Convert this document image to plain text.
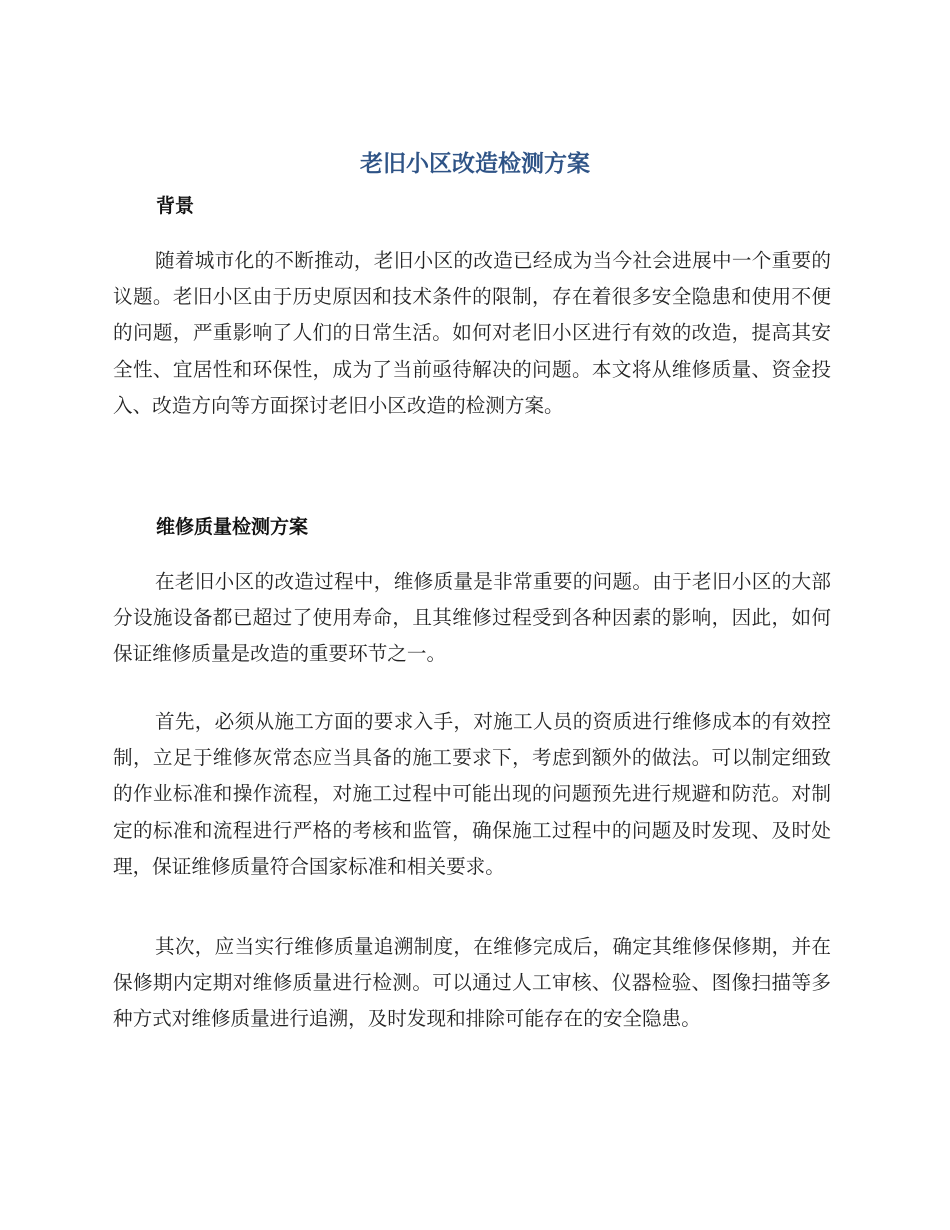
老旧小区改造检测方案
背景

随着城市化的不断推动，老旧小区的改造已经成为当今社会进展中一个重要的议题。老旧小区由于历史原因和技术条件的限制，存在着很多安全隐患和使用不便的问题，严重影响了人们的日常生活。如何对老旧小区进行有效的改造，提高其安全性、宜居性和环保性，成为了当前亟待解决的问题。本文将从维修质量、资金投入、改造方向等方面探讨老旧小区改造的检测方案。

维修质量检测方案

在老旧小区的改造过程中，维修质量是非常重要的问题。由于老旧小区的大部分设施设备都已超过了使用寿命，且其维修过程受到各种因素的影响，因此，如何保证维修质量是改造的重要环节之一。

首先，必须从施工方面的要求入手，对施工人员的资质进行维修成本的有效控制，立足于维修灰常态应当具备的施工要求下，考虑到额外的做法。可以制定细致的作业标准和操作流程，对施工过程中可能出现的问题预先进行规避和防范。对制定的标准和流程进行严格的考核和监管，确保施工过程中的问题及时发现、及时处理，保证维修质量符合国家标准和相关要求。

其次，应当实行维修质量追溯制度，在维修完成后，确定其维修保修期，并在保修期内定期对维修质量进行检测。可以通过人工审核、仪器检验、图像扫描等多种方式对维修质量进行追溯，及时发现和排除可能存在的安全隐患。
